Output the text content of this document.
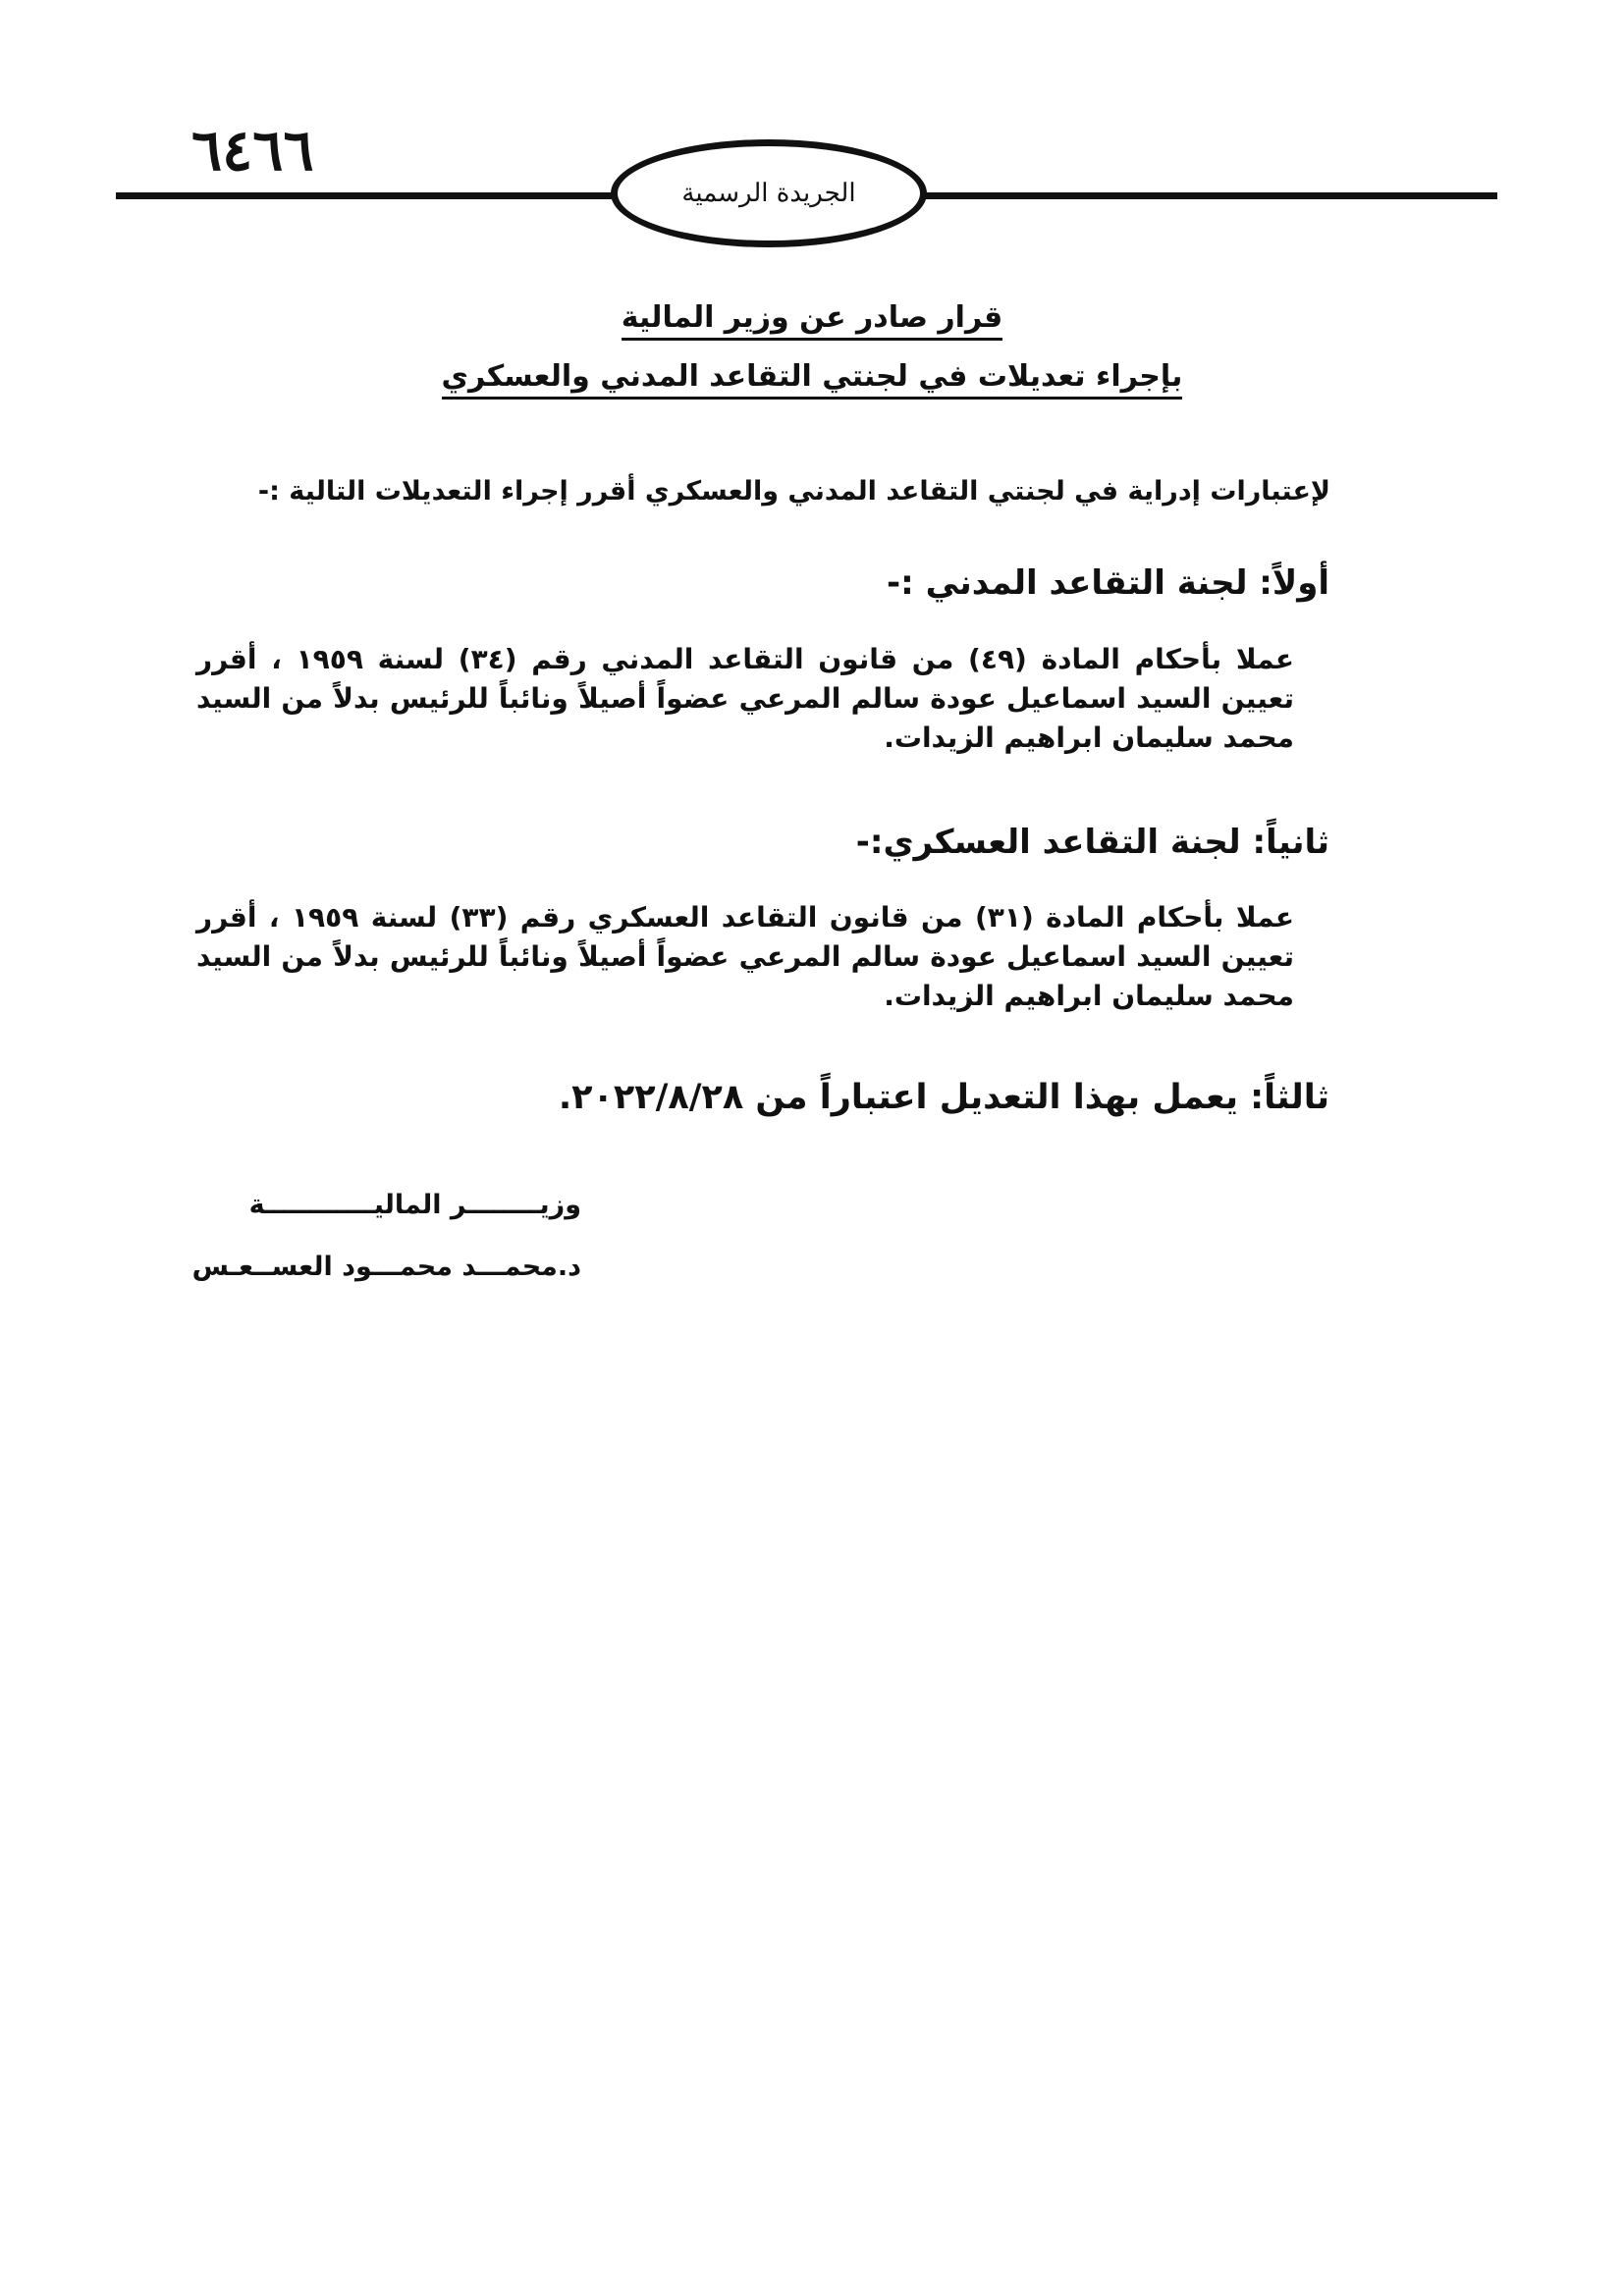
٦٤٦٦
الجريدة الرسمية
قرار صادر عن وزير المالية
بإجراء تعديلات في لجنتي التقاعد المدني والعسكري
لإعتبارات إدراية في لجنتي التقاعد المدني والعسكري أقرر إجراء التعديلات التالية :-
أولاً: لجنة التقاعد المدني :-
عملا بأحكام المادة (٤٩) من قانون التقاعد المدني رقم (٣٤) لسنة ١٩٥٩ ، أقرر تعيين السيد اسماعيل عودة سالم المرعي عضواً أصيلاً ونائباً للرئيس بدلاً من السيد محمد سليمان ابراهيم الزيدات.
ثانياً: لجنة التقاعد العسكري:-
عملا بأحكام المادة (٣١) من قانون التقاعد العسكري رقم (٣٣) لسنة ١٩٥٩ ، أقرر تعيين السيد اسماعيل عودة سالم المرعي عضواً أصيلاً ونائباً للرئيس بدلاً من السيد محمد سليمان ابراهيم الزيدات.
ثالثاً: يعمل بهذا التعديل اعتباراً من ٢٠٢٢/٨/٢٨.
وزيــــــــر الماليــــــــــــة
د.محمـــد محمـــود العســعـس
